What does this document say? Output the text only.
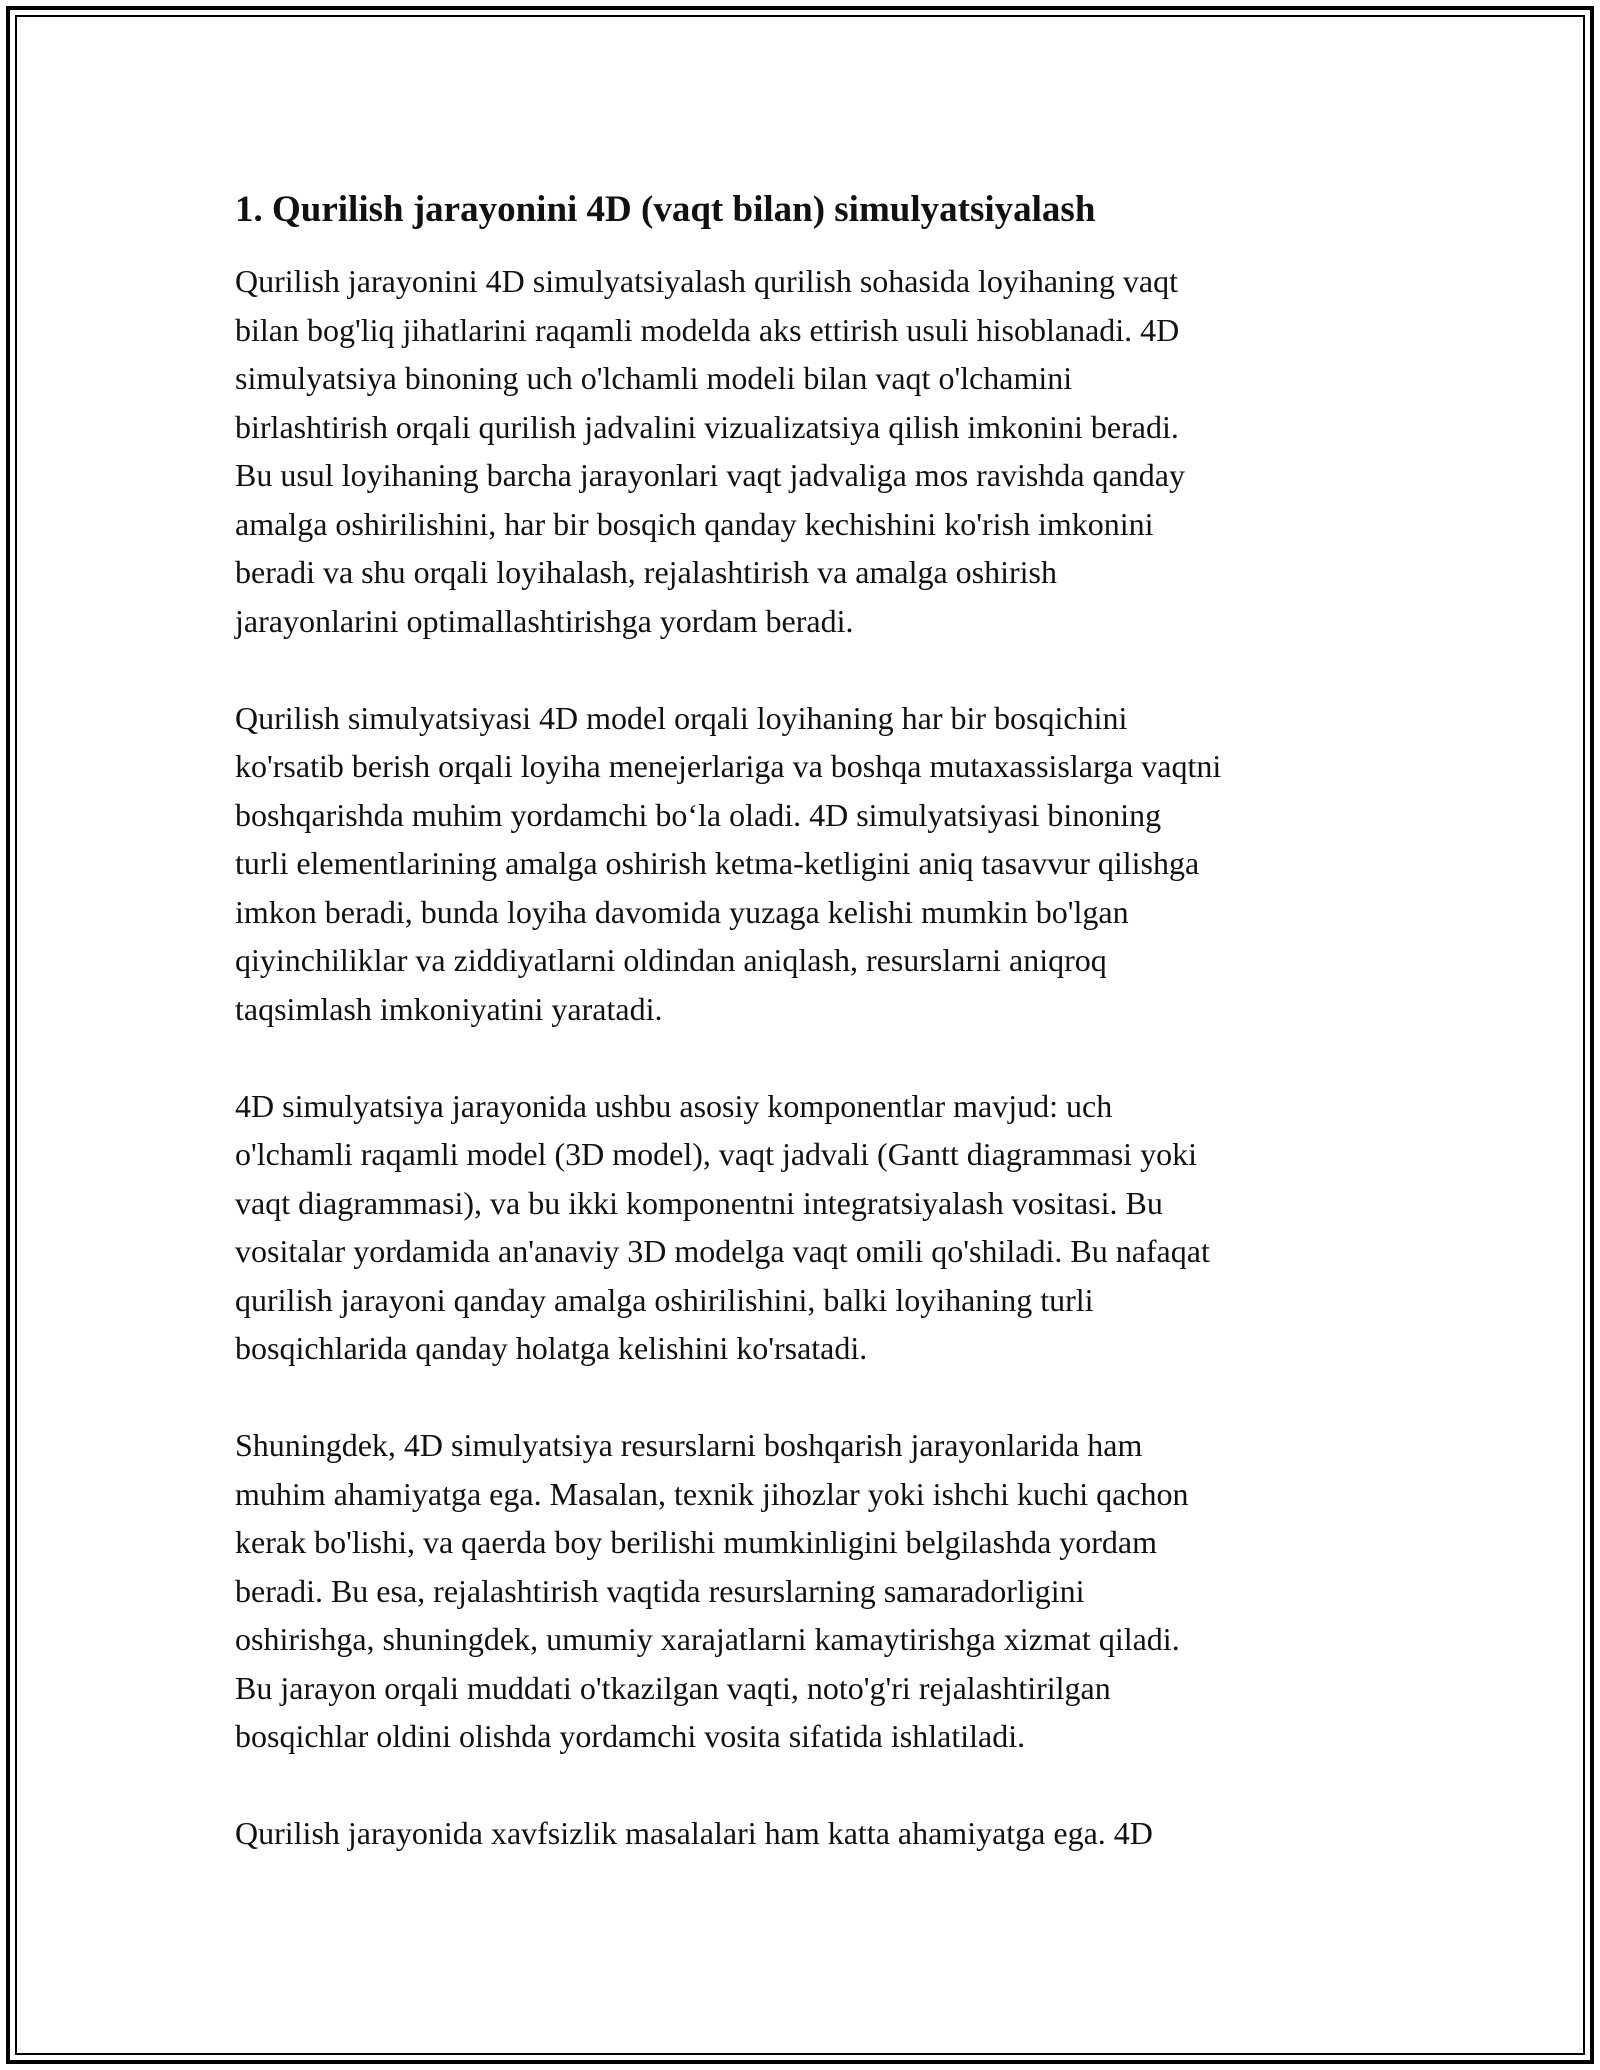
1. Qurilish jarayonini 4D (vaqt bilan) simulyatsiyalash
Qurilish jarayonini 4D simulyatsiyalash qurilish sohasida loyihaning vaqt
bilan bog'liq jihatlarini raqamli modelda aks ettirish usuli hisoblanadi. 4D
simulyatsiya binoning uch o'lchamli modeli bilan vaqt o'lchamini
birlashtirish orqali qurilish jadvalini vizualizatsiya qilish imkonini beradi.
Bu usul loyihaning barcha jarayonlari vaqt jadvaliga mos ravishda qanday
amalga oshirilishini, har bir bosqich qanday kechishini ko'rish imkonini
beradi va shu orqali loyihalash, rejalashtirish va amalga oshirish
jarayonlarini optimallashtirishga yordam beradi.
Qurilish simulyatsiyasi 4D model orqali loyihaning har bir bosqichini
ko'rsatib berish orqali loyiha menejerlariga va boshqa mutaxassislarga vaqtni
boshqarishda muhim yordamchi bo‘la oladi. 4D simulyatsiyasi binoning
turli elementlarining amalga oshirish ketma-ketligini aniq tasavvur qilishga
imkon beradi, bunda loyiha davomida yuzaga kelishi mumkin bo'lgan
qiyinchiliklar va ziddiyatlarni oldindan aniqlash, resurslarni aniqroq
taqsimlash imkoniyatini yaratadi.
4D simulyatsiya jarayonida ushbu asosiy komponentlar mavjud: uch
o'lchamli raqamli model (3D model), vaqt jadvali (Gantt diagrammasi yoki
vaqt diagrammasi), va bu ikki komponentni integratsiyalash vositasi. Bu
vositalar yordamida an'anaviy 3D modelga vaqt omili qo'shiladi. Bu nafaqat
qurilish jarayoni qanday amalga oshirilishini, balki loyihaning turli
bosqichlarida qanday holatga kelishini ko'rsatadi.
Shuningdek, 4D simulyatsiya resurslarni boshqarish jarayonlarida ham
muhim ahamiyatga ega. Masalan, texnik jihozlar yoki ishchi kuchi qachon
kerak bo'lishi, va qaerda boy berilishi mumkinligini belgilashda yordam
beradi. Bu esa, rejalashtirish vaqtida resurslarning samaradorligini
oshirishga, shuningdek, umumiy xarajatlarni kamaytirishga xizmat qiladi.
Bu jarayon orqali muddati o'tkazilgan vaqti, noto'g'ri rejalashtirilgan
bosqichlar oldini olishda yordamchi vosita sifatida ishlatiladi.
Qurilish jarayonida xavfsizlik masalalari ham katta ahamiyatga ega. 4D
